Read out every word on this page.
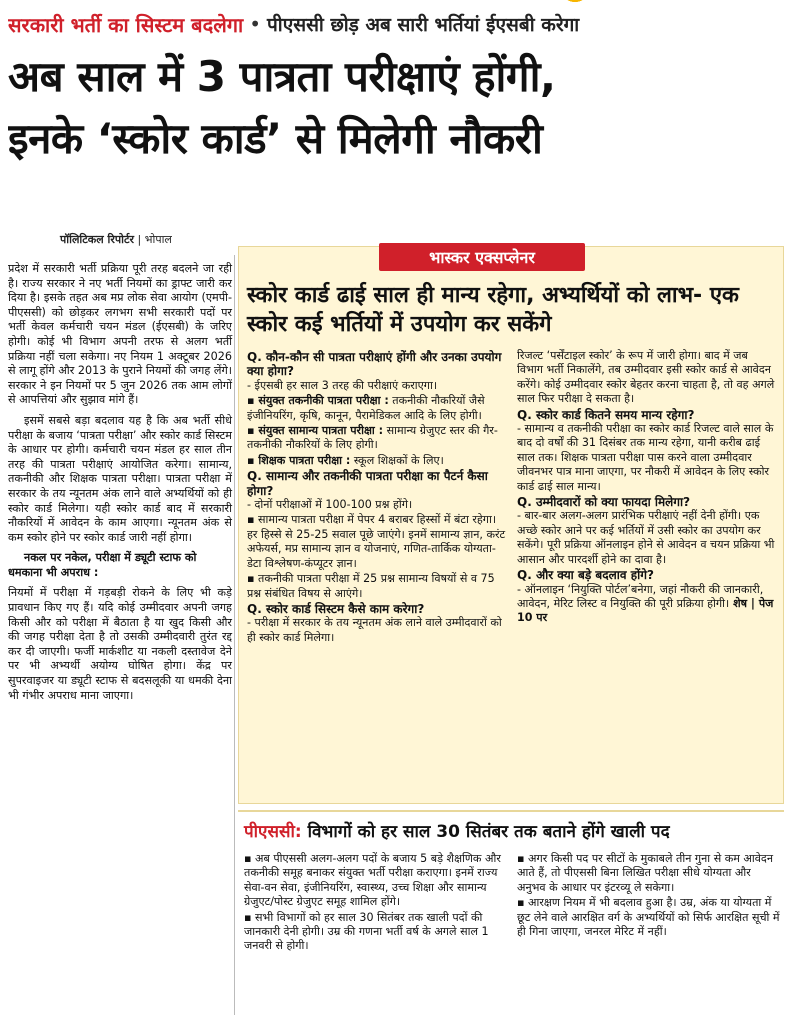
सरकारी भर्ती का सिस्टम बदलेगा • पीएससी छोड़ अब सारी भर्तियां ईएसबी करेगा
अब साल में 3 पात्रता परीक्षाएं होंगी,
इनके ‘स्कोर कार्ड’ से मिलेगी नौकरी
पॉलिटिकल रिपोर्टर | भोपाल

प्रदेश में सरकारी भर्ती प्रक्रिया पूरी तरह बदलने जा रही है। राज्य सरकार ने नए भर्ती नियमों का ड्राफ्ट जारी कर दिया है। इसके तहत अब मप्र लोक सेवा आयोग (एमपी-पीएससी) को छोड़कर लगभग सभी सरकारी पदों पर भर्ती केवल कर्मचारी चयन मंडल (ईएसबी) के जरिए होगी। कोई भी विभाग अपनी तरफ से अलग भर्ती प्रक्रिया नहीं चला सकेगा। नए नियम 1 अक्टूबर 2026 से लागू होंगे और 2013 के पुराने नियमों की जगह लेंगे। सरकार ने इन नियमों पर 5 जुन 2026 तक आम लोगों से आपत्तियां और सुझाव मांगे हैं।

इसमें सबसे बड़ा बदलाव यह है कि अब भर्ती सीधे परीक्षा के बजाय ‘पात्रता परीक्षा’ और स्कोर कार्ड सिस्टम के आधार पर होगी। कर्मचारी चयन मंडल हर साल तीन तरह की पात्रता परीक्षाएं आयोजित करेगा। सामान्य, तकनीकी और शिक्षक पात्रता परीक्षा। पात्रता परीक्षा में सरकार के तय न्यूनतम अंक लाने वाले अभ्यर्थियों को ही स्कोर कार्ड मिलेगा। यही स्कोर कार्ड बाद में सरकारी नौकरियों में आवेदन के काम आएगा। न्यूनतम अंक से कम स्कोर होने पर स्कोर कार्ड जारी नहीं होगा।

नकल पर नकेल, परीक्षा में ड्यूटी स्टाफ को धमकाना भी अपराध :

नियमों में परीक्षा में गड़बड़ी रोकने के लिए भी कड़े प्रावधान किए गए हैं। यदि कोई उम्मीदवार अपनी जगह किसी और को परीक्षा में बैठाता है या खुद किसी और की जगह परीक्षा देता है तो उसकी उम्मीदवारी तुरंत रद्द कर दी जाएगी। फर्जी मार्कशीट या नकली दस्तावेज देने पर भी अभ्यर्थी अयोग्य घोषित होगा। केंद्र पर सुपरवाइजर या ड्यूटी स्टाफ से बदसलूकी या धमकी देना भी गंभीर अपराध माना जाएगा।

भास्कर एक्सप्लेनर
स्कोर कार्ड ढाई साल ही मान्य रहेगा, अभ्यर्थियों को लाभ- एक स्कोर कई भर्तियों में उपयोग कर सकेंगे
Q. कौन-कौन सी पात्रता परीक्षाएं होंगी और उनका उपयोग क्या होगा?
- ईएसबी हर साल 3 तरह की परीक्षाएं कराएगा।
▪ संयुक्त तकनीकी पात्रता परीक्षा : तकनीकी नौकरियों जैसे इंजीनियरिंग, कृषि, कानून, पैरामेडिकल आदि के लिए होगी।
▪ संयुक्त सामान्य पात्रता परीक्षा : सामान्य ग्रेजुएट स्तर की गैर-तकनीकी नौकरियों के लिए होगी।
▪ शिक्षक पात्रता परीक्षा : स्कूल शिक्षकों के लिए।
Q. सामान्य और तकनीकी पात्रता परीक्षा का पैटर्न कैसा होगा?
- दोनों परीक्षाओं में 100-100 प्रश्न होंगे।
▪ सामान्य पात्रता परीक्षा में पेपर 4 बराबर हिस्सों में बंटा रहेगा। हर हिस्से से 25-25 सवाल पूछे जाएंगे। इनमें सामान्य ज्ञान, करंट अफेयर्स, मप्र सामान्य ज्ञान व योजनाएं, गणित-तार्किक योग्यता-डेटा विश्लेषण-कंप्यूटर ज्ञान।
▪ तकनीकी पात्रता परीक्षा में 25 प्रश्न सामान्य विषयों से व 75 प्रश्न संबंधित विषय से आएंगे।
Q. स्कोर कार्ड सिस्टम कैसे काम करेगा?
- परीक्षा में सरकार के तय न्यूनतम अंक लाने वाले उम्मीदवारों को ही स्कोर कार्ड मिलेगा।
रिजल्ट ‘पर्सेंटाइल स्कोर’ के रूप में जारी होगा। बाद में जब विभाग भर्ती निकालेंगे, तब उम्मीदवार इसी स्कोर कार्ड से आवेदन करेंगे। कोई उम्मीदवार स्कोर बेहतर करना चाहता है, तो वह अगले साल फिर परीक्षा दे सकता है।
Q. स्कोर कार्ड कितने समय मान्य रहेगा?
- सामान्य व तकनीकी परीक्षा का स्कोर कार्ड रिजल्ट वाले साल के बाद दो वर्षों की 31 दिसंबर तक मान्य रहेगा, यानी करीब ढाई साल तक। शिक्षक पात्रता परीक्षा पास करने वाला उम्मीदवार जीवनभर पात्र माना जाएगा, पर नौकरी में आवेदन के लिए स्कोर कार्ड ढाई साल मान्य।
Q. उम्मीदवारों को क्या फायदा मिलेगा?
- बार-बार अलग-अलग प्रारंभिक परीक्षाएं नहीं देनी होंगी। एक अच्छे स्कोर आने पर कई भर्तियों में उसी स्कोर का उपयोग कर सकेंगे। पूरी प्रक्रिया ऑनलाइन होने से आवेदन व चयन प्रक्रिया भी आसान और पारदर्शी होने का दावा है।
Q. और क्या बड़े बदलाव होंगे?
- ऑनलाइन ‘नियुक्ति पोर्टल’बनेगा, जहां नौकरी की जानकारी, आवेदन, मेरिट लिस्ट व नियुक्ति की पूरी प्रक्रिया होगी। शेष | पेज 10 पर
पीएससी: विभागों को हर साल 30 सितंबर तक बताने होंगे खाली पद

▪ अब पीएससी अलग-अलग पदों के बजाय 5 बड़े शैक्षणिक और तकनीकी समूह बनाकर संयुक्त भर्ती परीक्षा कराएगा। इनमें राज्य सेवा-वन सेवा, इंजीनियरिंग, स्वास्थ्य, उच्च शिक्षा और सामान्य ग्रेजुएट/पोस्ट ग्रेजुएट समूह शामिल होंगे।

▪ सभी विभागों को हर साल 30 सितंबर तक खाली पदों की जानकारी देनी होगी। उम्र की गणना भर्ती वर्ष के अगले साल 1 जनवरी से होगी।

▪ अगर किसी पद पर सीटों के मुकाबले तीन गुना से कम आवेदन आते हैं, तो पीएससी बिना लिखित परीक्षा सीधे योग्यता और अनुभव के आधार पर इंटरव्यू ले सकेगा।

▪ आरक्षण नियम में भी बदलाव हुआ है। उम्र, अंक या योग्यता में छूट लेने वाले आरक्षित वर्ग के अभ्यर्थियों को सिर्फ आरक्षित सूची में ही गिना जाएगा, जनरल मेरिट में नहीं।
